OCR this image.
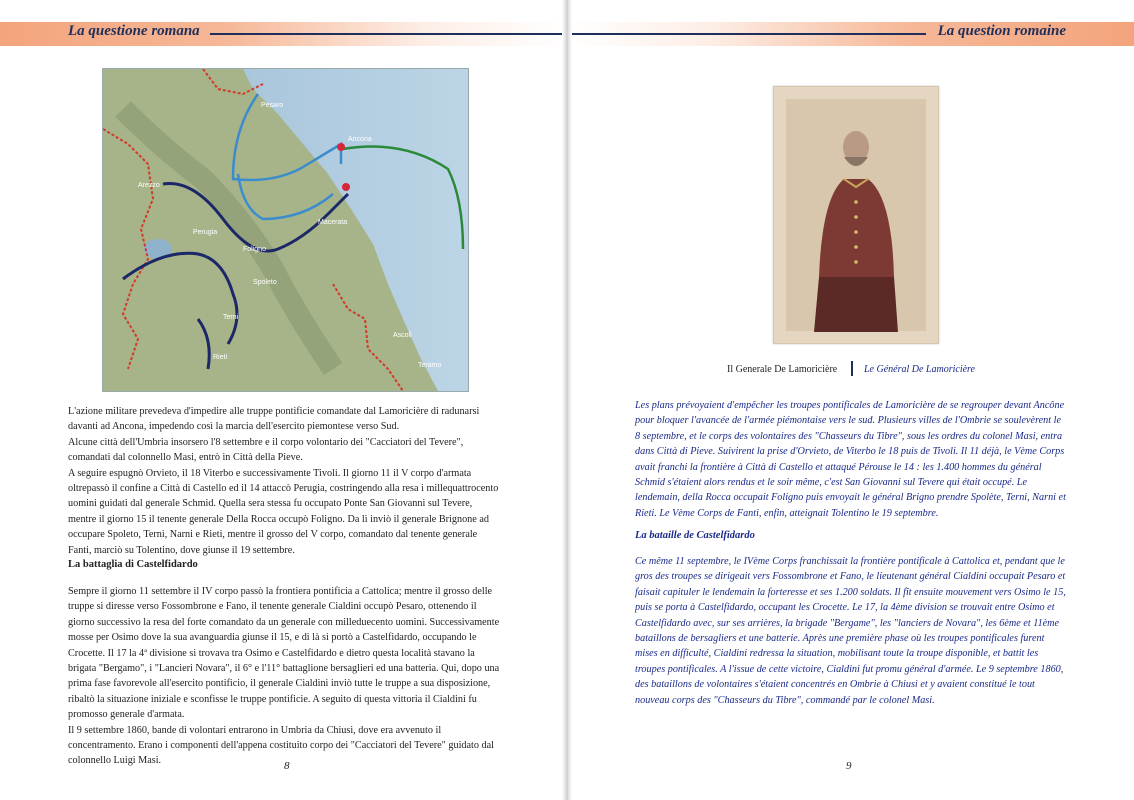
La questione romana
Pesaro
Ancona
Arezzo
Perugia
Foligno
Spoleto
Terni
Rieti
Teramo
Ascoli
Macerata

L'azione militare prevedeva d'impedire alle truppe pontificie comandate dal Lamoricière di radunarsi davanti ad Ancona, impedendo così la marcia dell'esercito piemontese verso Sud.

Alcune città dell'Umbria insorsero l'8 settembre e il corpo volontario dei "Cacciatori del Tevere", comandati dal colonnello Masi, entrò in Città della Pieve.

A seguire espugnò Orvieto, il 18 Viterbo e successivamente Tivoli. Il giorno 11 il V corpo d'armata oltrepassò il confine a Città di Castello ed il 14 attaccò Perugia, costringendo alla resa i millequattrocento uomini guidati dal generale Schmid. Quella sera stessa fu occupato Ponte San Giovanni sul Tevere, mentre il giorno 15 il tenente generale Della Rocca occupò Foligno. Da lì inviò il generale Brignone ad occupare Spoleto, Terni, Narni e Rieti, mentre il grosso del V corpo, comandato dal tenente generale Fanti, marciò su Tolentino, dove giunse il 19 settembre.

La battaglia di Castelfidardo

Sempre il giorno 11 settembre il IV corpo passò la frontiera pontificia a Cattolica; mentre il grosso delle truppe si diresse verso Fossombrone e Fano, il tenente generale Cialdini occupò Pesaro, ottenendo il giorno successivo la resa del forte comandato da un generale con milleduecento uomini. Successivamente mosse per Osimo dove la sua avanguardia giunse il 15, e di là si portò a Castelfidardo, occupando le Crocette. Il 17 la 4ª divisione si trovava tra Osimo e Castelfidardo e dietro questa località stavano la brigata "Bergamo", i "Lancieri Novara", il 6° e l'11° battaglione bersaglieri ed una batteria. Qui, dopo una prima fase favorevole all'esercito pontificio, il generale Cialdini inviò tutte le truppe a sua disposizione, ribaltò la situazione iniziale e sconfisse le truppe pontificie. A seguito di questa vittoria il Cialdini fu promosso generale d'armata.

Il 9 settembre 1860, bande di volontari entrarono in Umbria da Chiusi, dove era avvenuto il concentramento. Erano i componenti dell'appena costituito corpo dei "Cacciatori del Tevere" guidato dal colonnello Luigi Masi.	8
La question romaine

Les plans prévoyaient d'empêcher les troupes pontificales de Lamoricière de se regrouper devant Ancône pour bloquer l'avancée de l'armée piémontaise vers le sud. Plusieurs villes de l'Ombrie se soulevèrent le 8 septembre, et le corps des volontaires des "Chasseurs du Tibre", sous les ordres du colonel Masi, entra dans Città di Pieve. Suivirent la prise d'Orvieto, de Viterbo le 18 puis de Tivoli. Il 11 déjà, le Vème Corps avait franchi la frontière à Città di Castello et attaqué Pérouse le 14 : les 1.400 hommes du général Schmid s'étaient alors rendus et le soir même, c'est San Giovanni sul Tevere qui était occupé. Le lendemain, della Rocca occupait Foligno puis envoyait le général Brigno prendre Spolète, Terni, Narni et Rieti. Le Vème Corps de Fanti, enfin, atteignait Tolentino le 19 septembre.

La bataille de Castelfidardo

Ce même 11 septembre, le IVème Corps franchissait la frontière pontificale à Cattolica et, pendant que le gros des troupes se dirigeait vers Fossombrone et Fano, le lieutenant général Cialdini occupait Pesaro et faisait capituler le lendemain la forteresse et ses 1.200 soldats. Il fît ensuite mouvement vers Osimo le 15, puis se porta à Castelfidardo, occupant les Crocette. Le 17, la 4ème division se trouvait entre Osimo et Castelfidardo avec, sur ses arrières, la brigade "Bergame", les "lanciers de Novara", les 6ème et 11ème bataillons de bersagliers et une batterie. Après une première phase où les troupes pontificales furent mises en difficulté, Cialdini redressa la situation, mobilisant toute la troupe disponible, et battit les troupes pontificales. A l'issue de cette victoire, Cialdini fut promu général d'armée. Le 9 septembre 1860, des bataillons de volontaires s'étaient concentrés en Ombrie à Chiusi et y avaient constitué le tout nouveau corps des "Chasseurs du Tibre", commandé par le colonel Masi.

9
Il Generale De Lamoricière	Le Général De Lamoricière
